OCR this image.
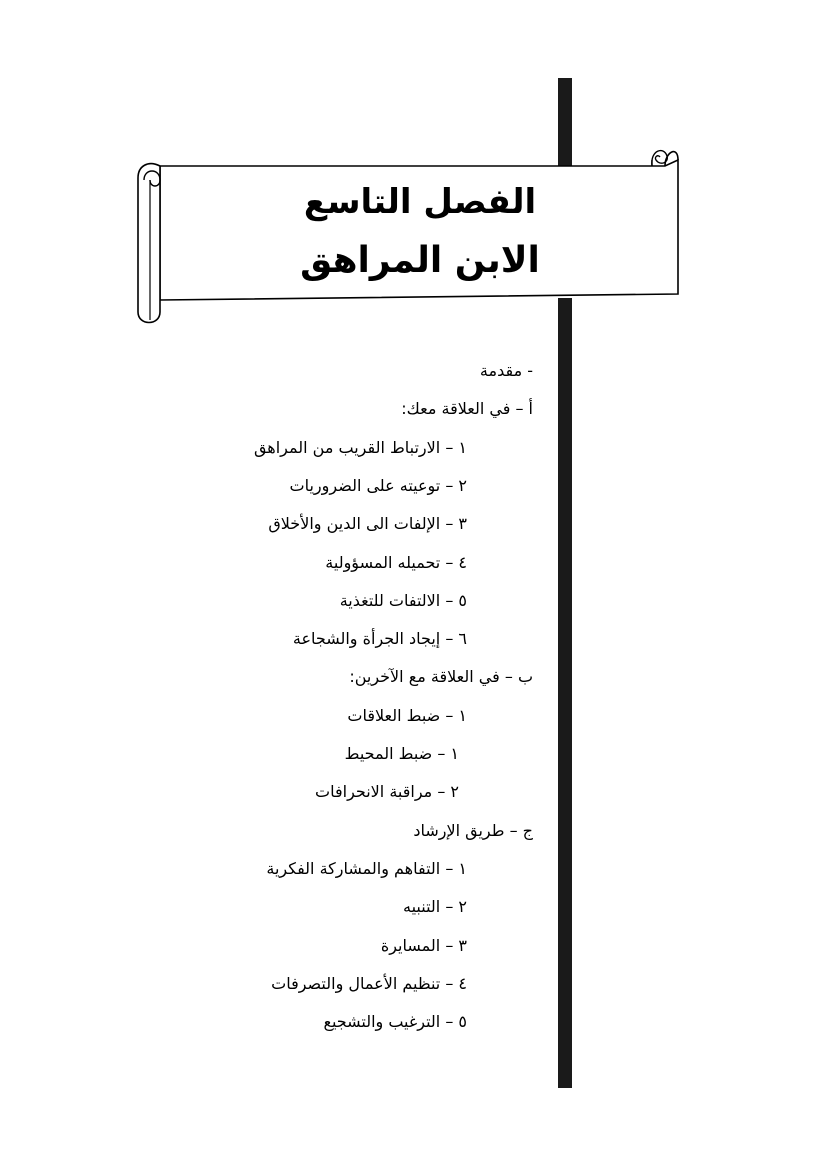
الفصل التاسع
الابن المراهق
- مقدمة
أ – في العلاقة معك:
١ – الارتباط القريب من المراهق
٢ – توعيته على الضروريات
٣ – الإلفات الى الدين والأخلاق
٤ – تحميله المسؤولية
٥ – الالتفات للتغذية
٦ – إيجاد الجرأة والشجاعة
ب – في العلاقة مع الآخرين:
١ – ضبط العلاقات
١ – ضبط المحيط
٢ – مراقبة الانحرافات
ج – طريق الإرشاد
١ – التفاهم والمشاركة الفكرية
٢ – التنبيه
٣ – المسايرة
٤ – تنظيم الأعمال والتصرفات
٥ – الترغيب والتشجيع
